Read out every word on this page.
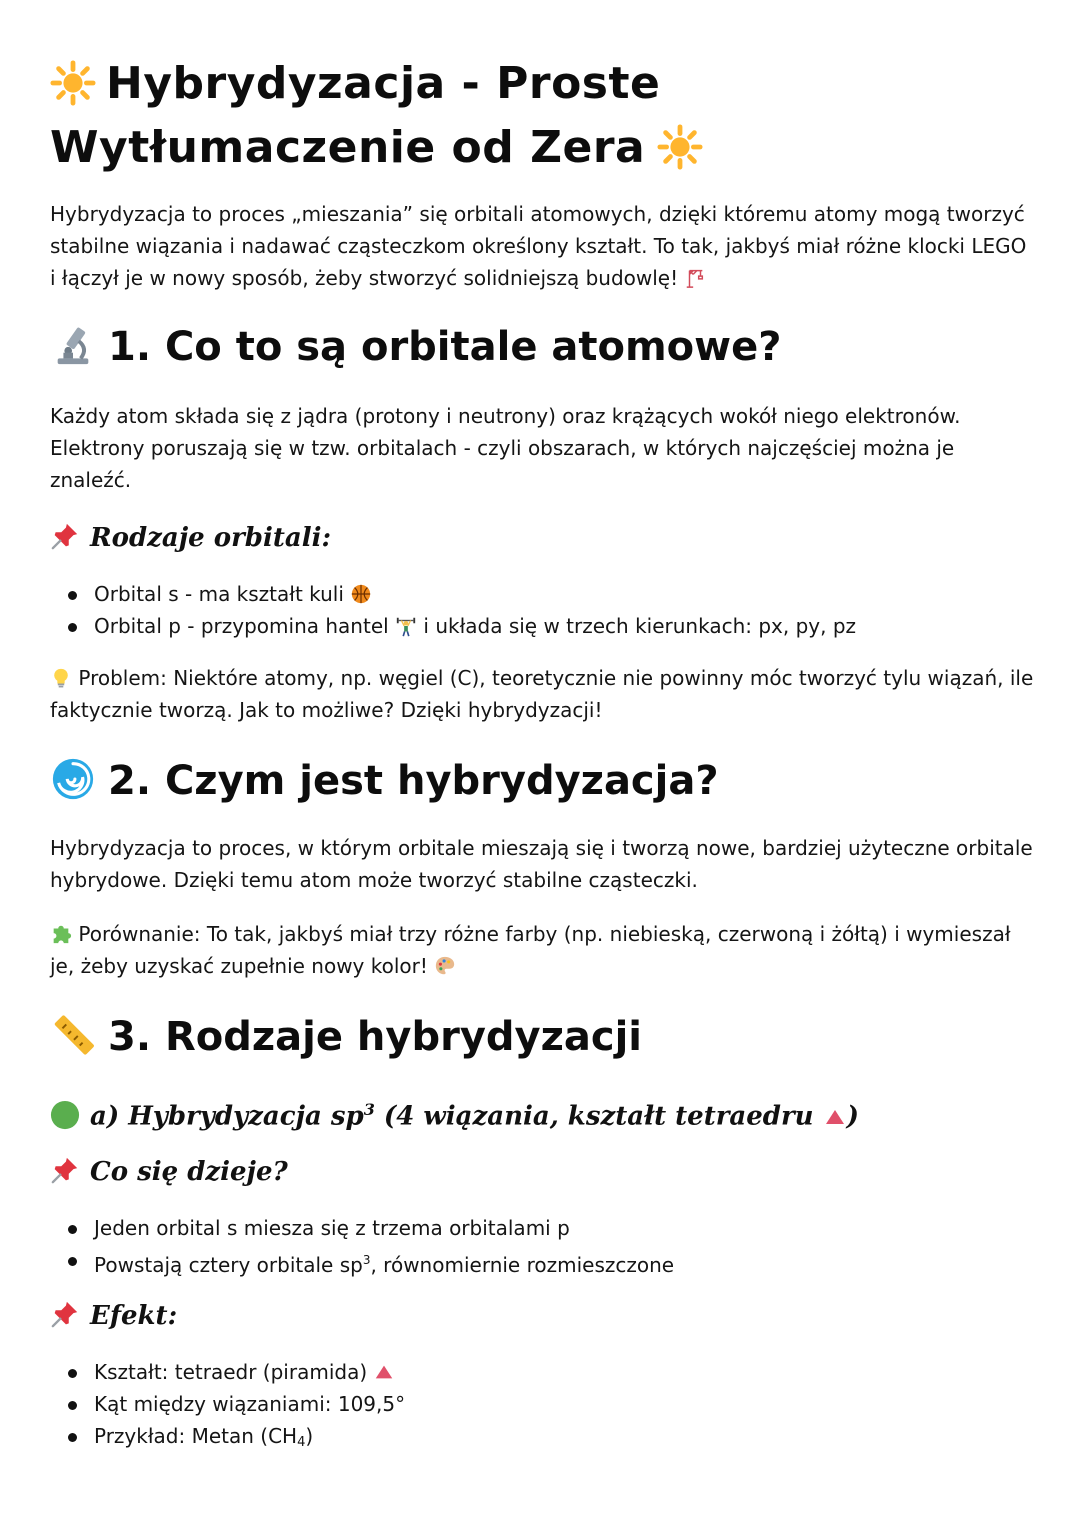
Hybrydyzacja - Proste
Wytłumaczenie od Zera
Hybrydyzacja to proces „mieszania” się orbitali atomowych, dzięki któremu atomy mogą tworzyć stabilne wiązania i nadawać cząsteczkom określony kształt. To tak, jakbyś miał różne klocki LEGO i łączył je w nowy sposób, żeby stworzyć solidniejszą budowlę!
1. Co to są orbitale atomowe?
Każdy atom składa się z jądra (protony i neutrony) oraz krążących wokół niego elektronów. Elektrony poruszają się w tzw. orbitalach - czyli obszarach, w których najczęściej można je znaleźć.
Rodzaje orbitali:
Orbital s - ma kształt kuli
Orbital p - przypomina hantel i układa się w trzech kierunkach: px, py, pz
Problem: Niektóre atomy, np. węgiel (C), teoretycznie nie powinny móc tworzyć tylu wiązań, ile faktycznie tworzą. Jak to możliwe? Dzięki hybrydyzacji!
2. Czym jest hybrydyzacja?
Hybrydyzacja to proces, w którym orbitale mieszają się i tworzą nowe, bardziej użyteczne orbitale hybrydowe. Dzięki temu atom może tworzyć stabilne cząsteczki.
Porównanie: To tak, jakbyś miał trzy różne farby (np. niebieską, czerwoną i żółtą) i wymieszał je, żeby uzyskać zupełnie nowy kolor!
3. Rodzaje hybrydyzacji
a) Hybrydyzacja $sp^3$ (4 wiązania, kształt tetraedru )
Co się dzieje?
Jeden orbital s miesza się z trzema orbitalami p
Powstają cztery orbitale $sp^3$, równomiernie rozmieszczone
Efekt:
Kształt: tetraedr (piramida)
Kąt między wiązaniami: 109,5°
Przykład: Metan (CH4)
